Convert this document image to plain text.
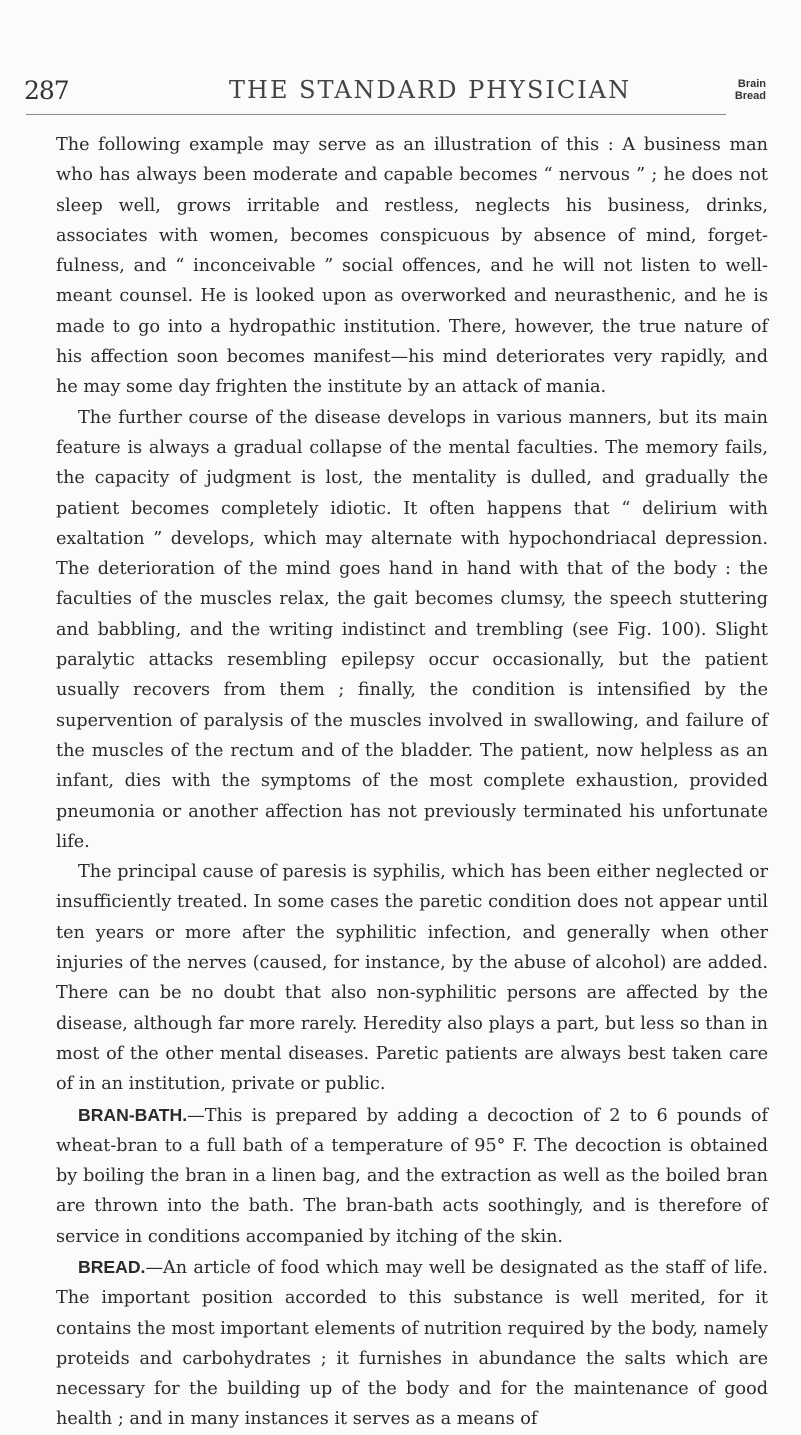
287	THE STANDARD PHYSICIAN	Brain
Bread

The following example may serve as an illustration of this : A business man who has always been moderate and capable becomes “ nervous ” ; he does not sleep well, grows irritable and restless, neglects his business, drinks, associates with women, becomes conspicuous by absence of mind, forgetfulness, and “ inconceivable ” social offences, and he will not listen to well-meant counsel. He is looked upon as overworked and neurasthenic, and he is made to go into a hydropathic institution. There, however, the true nature of his affection soon becomes manifest—his mind deteriorates very rapidly, and he may some day frighten the institute by an attack of mania.

The further course of the disease develops in various manners, but its main feature is always a gradual collapse of the mental faculties. The memory fails, the capacity of judgment is lost, the mentality is dulled, and gradually the patient becomes completely idiotic. It often happens that “ delirium with exaltation ” develops, which may alternate with hypochondriacal depression. The deterioration of the mind goes hand in hand with that of the body : the faculties of the muscles relax, the gait becomes clumsy, the speech stuttering and babbling, and the writing indistinct and trembling (see Fig. 100). Slight paralytic attacks resembling epilepsy occur occasionally, but the patient usually recovers from them ; finally, the condition is intensified by the supervention of paralysis of the muscles involved in swallowing, and failure of the muscles of the rectum and of the bladder. The patient, now helpless as an infant, dies with the symptoms of the most complete exhaustion, provided pneumonia or another affection has not previously terminated his unfortunate life.

The principal cause of paresis is syphilis, which has been either neglected or insufficiently treated. In some cases the paretic condition does not appear until ten years or more after the syphilitic infection, and generally when other injuries of the nerves (caused, for instance, by the abuse of alcohol) are added. There can be no doubt that also non-syphilitic persons are affected by the disease, although far more rarely. Heredity also plays a part, but less so than in most of the other mental diseases. Paretic patients are always best taken care of in an institution, private or public.

BRAN-BATH.—This is prepared by adding a decoction of 2 to 6 pounds of wheat-bran to a full bath of a temperature of 95° F. The decoction is obtained by boiling the bran in a linen bag, and the extraction as well as the boiled bran are thrown into the bath. The bran-bath acts soothingly, and is therefore of service in conditions accompanied by itching of the skin.

BREAD.—An article of food which may well be designated as the staff of life. The important position accorded to this substance is well merited, for it contains the most important elements of nutrition required by the body, namely proteids and carbohydrates ; it furnishes in abundance the salts which are necessary for the building up of the body and for the maintenance of good health ; and in many instances it serves as a means of
